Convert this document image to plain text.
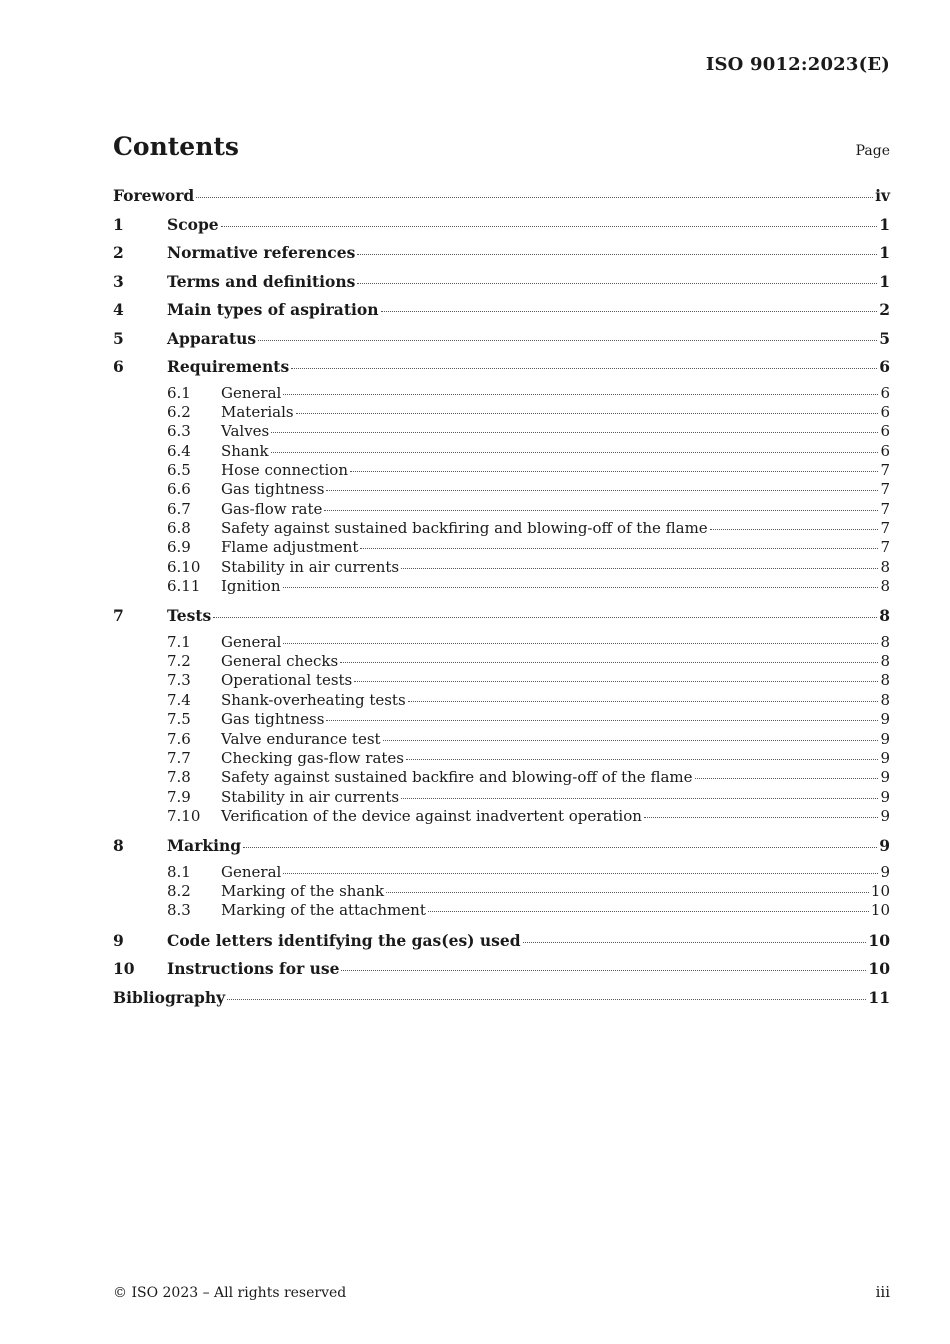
ISO 9012:2023(E)
Contents	Page
Foreword	iv
1	Scope	1
2	Normative references	1
3	Terms and definitions	1
4	Main types of aspiration	2
5	Apparatus	5
6	Requirements	6
6.1	General	6
6.2	Materials	6
6.3	Valves	6
6.4	Shank	6
6.5	Hose connection	7
6.6	Gas tightness	7
6.7	Gas-flow rate	7
6.8	Safety against sustained backfiring and blowing-off of the flame	7
6.9	Flame adjustment	7
6.10	Stability in air currents	8
6.11	Ignition	8
7	Tests	8
7.1	General	8
7.2	General checks	8
7.3	Operational tests	8
7.4	Shank-overheating tests	8
7.5	Gas tightness	9
7.6	Valve endurance test	9
7.7	Checking gas-flow rates	9
7.8	Safety against sustained backfire and blowing-off of the flame	9
7.9	Stability in air currents	9
7.10	Verification of the device against inadvertent operation	9
8	Marking	9
8.1	General	9
8.2	Marking of the shank	10
8.3	Marking of the attachment	10
9	Code letters identifying the gas(es) used	10
10	Instructions for use	10
Bibliography	11
© ISO 2023 – All rights reserved	iii
